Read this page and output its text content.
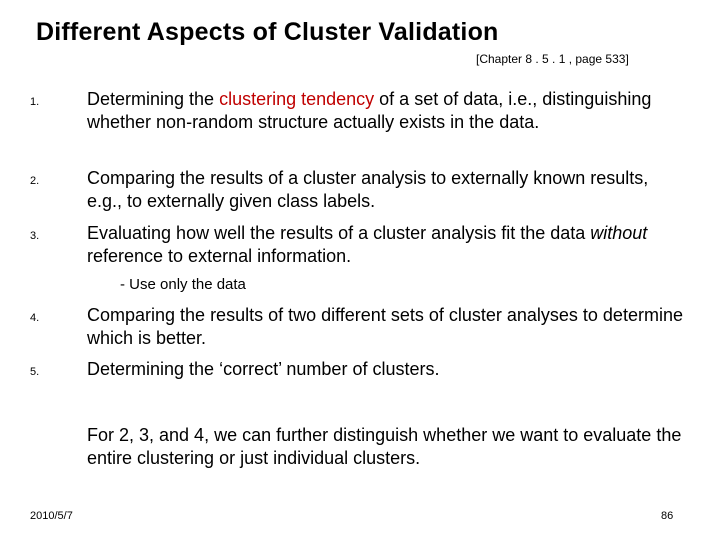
Different Aspects of Cluster Validation
[Chapter 8 . 5 . 1 , page 533]
1.	Determining the clustering tendency of a set of data, i.e., distinguishing whether non-random structure actually exists in the data.
2.	Comparing the results of a cluster analysis to externally known results, e.g., to externally given class labels.
3.	Evaluating how well the results of a cluster analysis fit the data without reference to external information.
- Use only the data
4.	Comparing the results of two different sets of cluster analyses to determine which is better.
5.	Determining the ‘correct’ number of clusters.
For 2, 3, and 4, we can further distinguish whether we want to evaluate the entire clustering or just individual clusters.
2010/5/7	86
